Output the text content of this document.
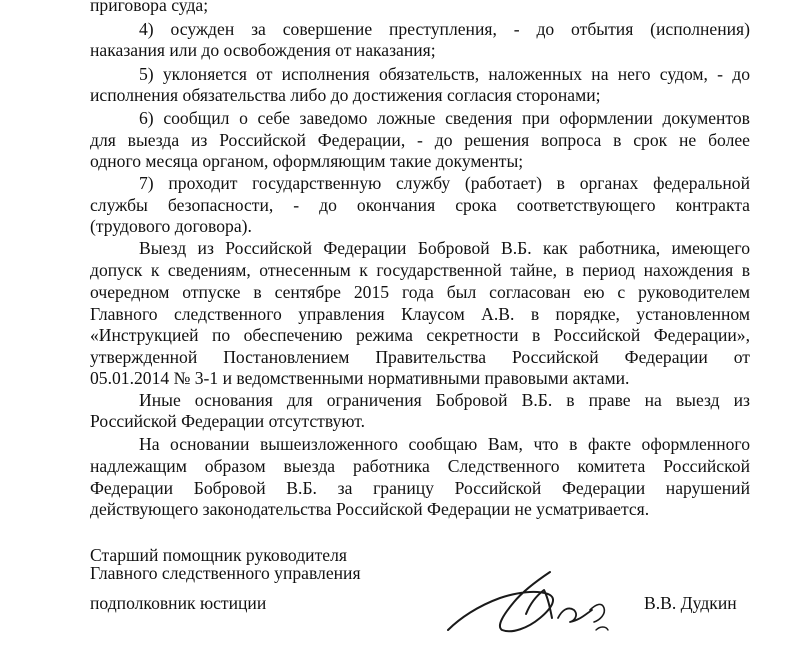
приговора суда;
4) осужден за совершение преступления, - до отбытия (исполнения)
наказания или до освобождения от наказания;
5) уклоняется от исполнения обязательств, наложенных на него судом, - до
исполнения обязательства либо до достижения согласия сторонами;
6) сообщил о себе заведомо ложные сведения при оформлении документов
для выезда из Российской Федерации, - до решения вопроса в срок не более
одного месяца органом, оформляющим такие документы;
7) проходит государственную службу (работает) в органах федеральной
службы безопасности, - до окончания срока соответствующего контракта
(трудового договора).
Выезд из Российской Федерации Бобровой В.Б. как работника, имеющего
допуск к сведениям, отнесенным к государственной тайне, в период нахождения в
очередном отпуске в сентябре 2015 года был согласован ею с руководителем
Главного следственного управления Клаусом А.В. в порядке, установленном
«Инструкцией по обеспечению режима секретности в Российской Федерации»,
утвержденной Постановлением Правительства Российской Федерации от
05.01.2014 № 3-1 и ведомственными нормативными правовыми актами.
Иные основания для ограничения Бобровой В.Б. в праве на выезд из
Российской Федерации отсутствуют.
На основании вышеизложенного сообщаю Вам, что в факте оформленного
надлежащим образом выезда работника Следственного комитета Российской
Федерации Бобровой В.Б. за границу Российской Федерации нарушений
действующего законодательства Российской Федерации не усматривается.
Старший помощник руководителя
Главного следственного управления
подполковник юстиции	В.В. Дудкин
